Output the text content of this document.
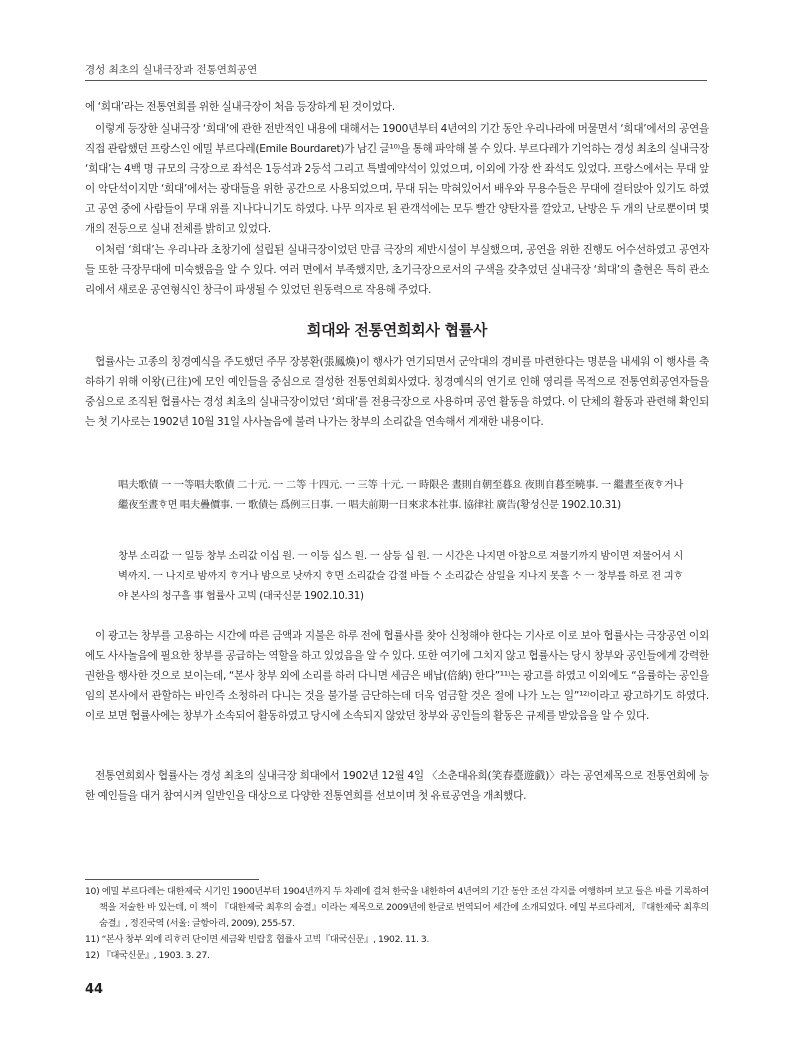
경성 최초의 실내극장과 전통연희공연

에 ‘희대’라는 전통연희를 위한 실내극장이 처음 등장하게 된 것이었다.

이렇게 등장한 실내극장 ‘희대’에 관한 전반적인 내용에 대해서는 1900년부터 4년여의 기간 동안 우리나라에 머물면서 ‘희대’에서의 공연을 직접 관람했던 프랑스인 에밀 부르다레(Emile Bourdaret)가 남긴 글¹⁰⁾을 통해 파악해 볼 수 있다. 부르다레가 기억하는 경성 최초의 실내극장 ‘희대’는 4백 명 규모의 극장으로 좌석은 1등석과 2등석 그리고 특별예약석이 있었으며, 이외에 가장 싼 좌석도 있었다. 프랑스에서는 무대 앞이 악단석이지만 ‘희대’에서는 광대들을 위한 공간으로 사용되었으며, 무대 뒤는 막혀있어서 배우와 무용수들은 무대에 걸터앉아 있기도 하였고 공연 중에 사람들이 무대 위를 지나다니기도 하였다. 나무 의자로 된 관객석에는 모두 빨간 양탄자를 깔았고, 난방은 두 개의 난로뿐이며 몇 개의 전등으로 실내 전체를 밝히고 있었다.

이처럼 ‘희대’는 우리나라 초창기에 설립된 실내극장이었던 만큼 극장의 제반시설이 부실했으며, 공연을 위한 진행도 어수선하였고 공연자들 또한 극장무대에 미숙했음을 알 수 있다. 여러 면에서 부족했지만, 초기극장으로서의 구색을 갖추었던 실내극장 ‘희대’의 출현은 특히 관소리에서 새로운 공연형식인 창극이 파생될 수 있었던 원동력으로 작용해 주었다.

희대와 전통연희회사 협률사

협률사는 고종의 칭경예식을 주도했던 주무 장봉환(張鳳煥)이 행사가 연기되면서 군악대의 경비를 마련한다는 명분을 내세워 이 행사를 축하하기 위해 이왕(已往)에 모인 예인들을 중심으로 결성한 전통연희회사였다. 칭경예식의 연기로 인해 영리를 목적으로 전통연희공연자들을 중심으로 조직된 협률사는 경성 최초의 실내극장이었던 ‘희대’를 전용극장으로 사용하며 공연 활동을 하였다. 이 단체의 활동과 관련해 확인되는 첫 기사로는 1902년 10월 31일 사사놀음에 불려 나가는 창부의 소리값을 연속해서 게재한 내용이다.

唱夫歌債 一 一等唱夫歌債 二十元. 一 二等 十四元. 一 三等 十元. 一 時限은 晝則自朝至暮요 夜則自暮至曉事. 一 繼晝至夜ᄒᆞ거나 繼夜至晝ᄒᆞ면 唱夫疊價事. 一 歌債는 爲例三日事. 一 唱夫前期一日來求本社事. 協律社 廣告(황성신문 1902.10.31)

창부 소리값 一 일등 창부 소리값 이십 원. 一 이등 십스 원. 一 삼등 십 원. 一 시간은 나지면 아참으로 져물기까지 밤이면 져물어셔 시벽ᄭᅡ지. 一 나지로 밤ᄭᅡ지 ᄒᆞ거나 밤으로 낫ᄭᅡ지 ᄒᆞ면 소리값슬 갑졀 바들 ᄉᆞ 소리값슨 삼일을 지나지 못흘 ᄉᆞ 一 창부를 하로 젼 긔ᄒᆞ야 본사의 청구흘 事 협률사 고빅 (대국신문 1902.10.31)

이 광고는 창부를 고용하는 시간에 따른 금액과 지불은 하루 전에 협률사를 찾아 신청해야 한다는 기사로 이로 보아 협률사는 극장공연 이외에도 사사놀음에 필요한 창부를 공급하는 역할을 하고 있었음을 알 수 있다. 또한 여기에 그치지 않고 협률사는 당시 창부와 공인들에게 강력한 권한을 행사한 것으로 보이는데, “본사 창부 외에 소리를 하러 다니면 세금은 배납(倍納) 한다”¹¹⁾는 광고를 하였고 이외에도 “음률하는 공인을 임의 본사에서 관할하는 바인즉 소청하러 다니는 것을 불가불 금단하는데 더욱 엄금할 것은 절에 나가 노는 일”¹²⁾이라고 광고하기도 하였다. 이로 보면 협률사에는 창부가 소속되어 활동하였고 당시에 소속되지 않았던 창부와 공인들의 활동은 규제를 받았음을 알 수 있다.

전통연희회사 협률사는 경성 최초의 실내극장 희대에서 1902년 12월 4일 〈소춘대유희(笑春臺遊戲)〉라는 공연제목으로 전통연희에 능한 예인들을 대거 참여시켜 일반인을 대상으로 다양한 전통연희를 선보이며 첫 유료공연을 개최했다.

10) 에밀 부르다레는 대한제국 시기인 1900년부터 1904년까지 두 차례에 걸쳐 한국을 내한하여 4년여의 기간 동안 조선 각지를 여행하며 보고 들은 바를 기록하여 책을 저술한 바 있는데, 이 책이 『대한제국 최후의 숨결』이라는 제목으로 2009년에 한글로 번역되어 세간에 소개되었다. 에밀 부르다레저, 『대한제국 최후의 숨결』, 정진국역 (서울: 글항아리, 2009), 255-57.
11) “본사 창부 외에 리ᄒᆞ러 단이면 세금왁 빈랍ᄒᆞᆷ 협률사 고빅『대국신문』, 1902. 11. 3.
12) 『대국신문』, 1903. 3. 27.
44
